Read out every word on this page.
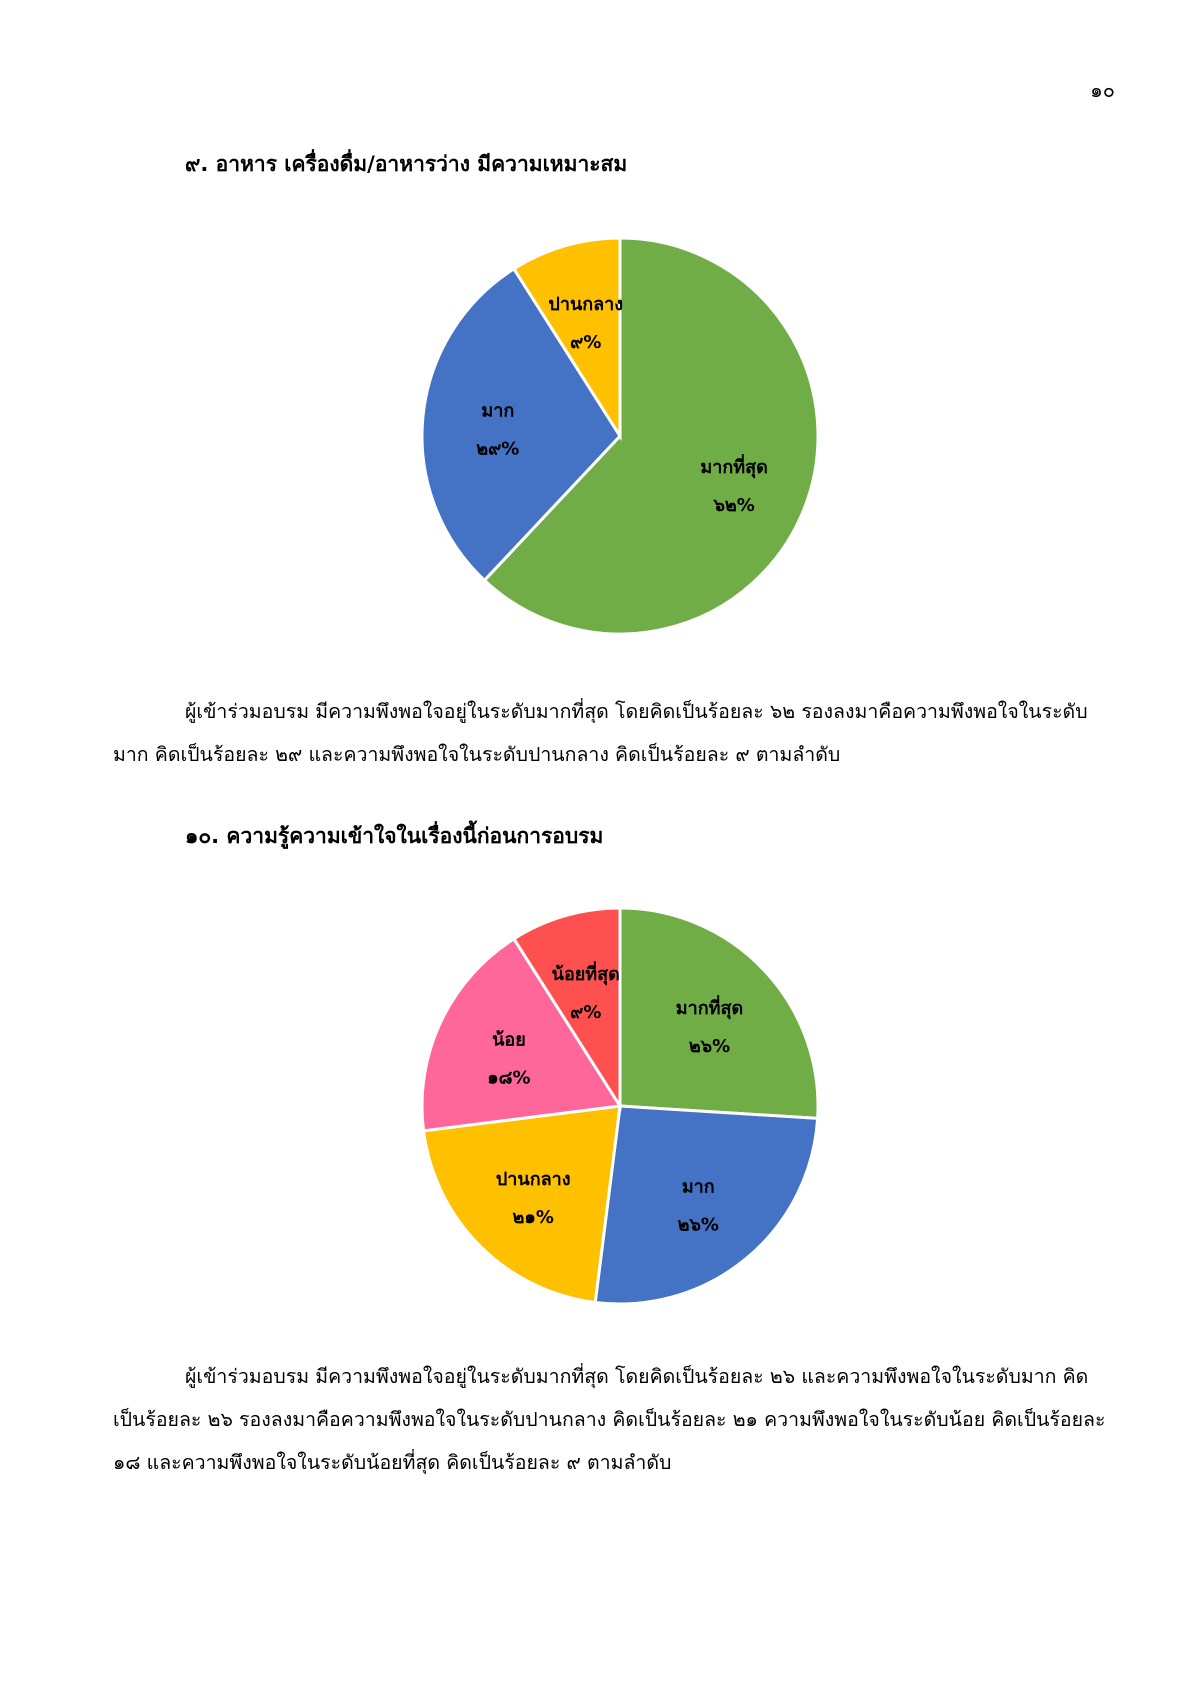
๑๐
๙. อาหาร เครื่องดื่ม/อาหารว่าง มีความเหมาะสม
มากที่สุด
๖๒%
มาก
๒๙%
ปานกลาง
๙%
ผู้เข้าร่วมอบรม มีความพึงพอใจอยู่ในระดับมากที่สุด โดยคิดเป็นร้อยละ ๖๒ รองลงมาคือความพึงพอใจในระดับมาก คิดเป็นร้อยละ ๒๙ และความพึงพอใจในระดับปานกลาง คิดเป็นร้อยละ ๙ ตามลำดับ
๑๐. ความรู้ความเข้าใจในเรื่องนี้ก่อนการอบรม
มากที่สุด
๒๖%
มาก
๒๖%
ปานกลาง
๒๑%
น้อย
๑๘%
น้อยที่สุด
๙%
ผู้เข้าร่วมอบรม มีความพึงพอใจอยู่ในระดับมากที่สุด โดยคิดเป็นร้อยละ ๒๖ และความพึงพอใจในระดับมาก คิดเป็นร้อยละ ๒๖ รองลงมาคือความพึงพอใจในระดับปานกลาง คิดเป็นร้อยละ ๒๑ ความพึงพอใจในระดับน้อย คิดเป็นร้อยละ ๑๘ และความพึงพอใจในระดับน้อยที่สุด คิดเป็นร้อยละ ๙ ตามลำดับ
